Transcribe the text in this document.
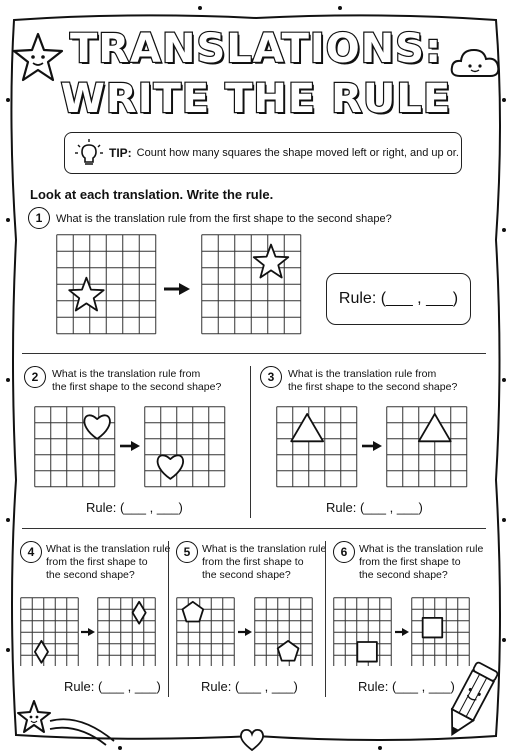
TRANSLATIONS:
WRITE THE RULE
TIP: Count how many squares the shape moved left or right, and up or.
Look at each translation. Write the rule.
1	What is the translation rule from the first shape to the second shape?
Rule: (___ , ___)
2	What is the translation rule from
the first shape to the second shape?
Rule: (___ , ___)
3	What is the translation rule from
the first shape to the second shape?
Rule: (___ , ___)
4	What is the translation rule
from the first shape to
the second shape?
Rule: (___ , ___)
5	What is the translation rule
from the first shape to
the second shape?
Rule: (___ , ___)
6	What is the translation rule
from the first shape to
the second shape?
Rule: (___ , ___)
